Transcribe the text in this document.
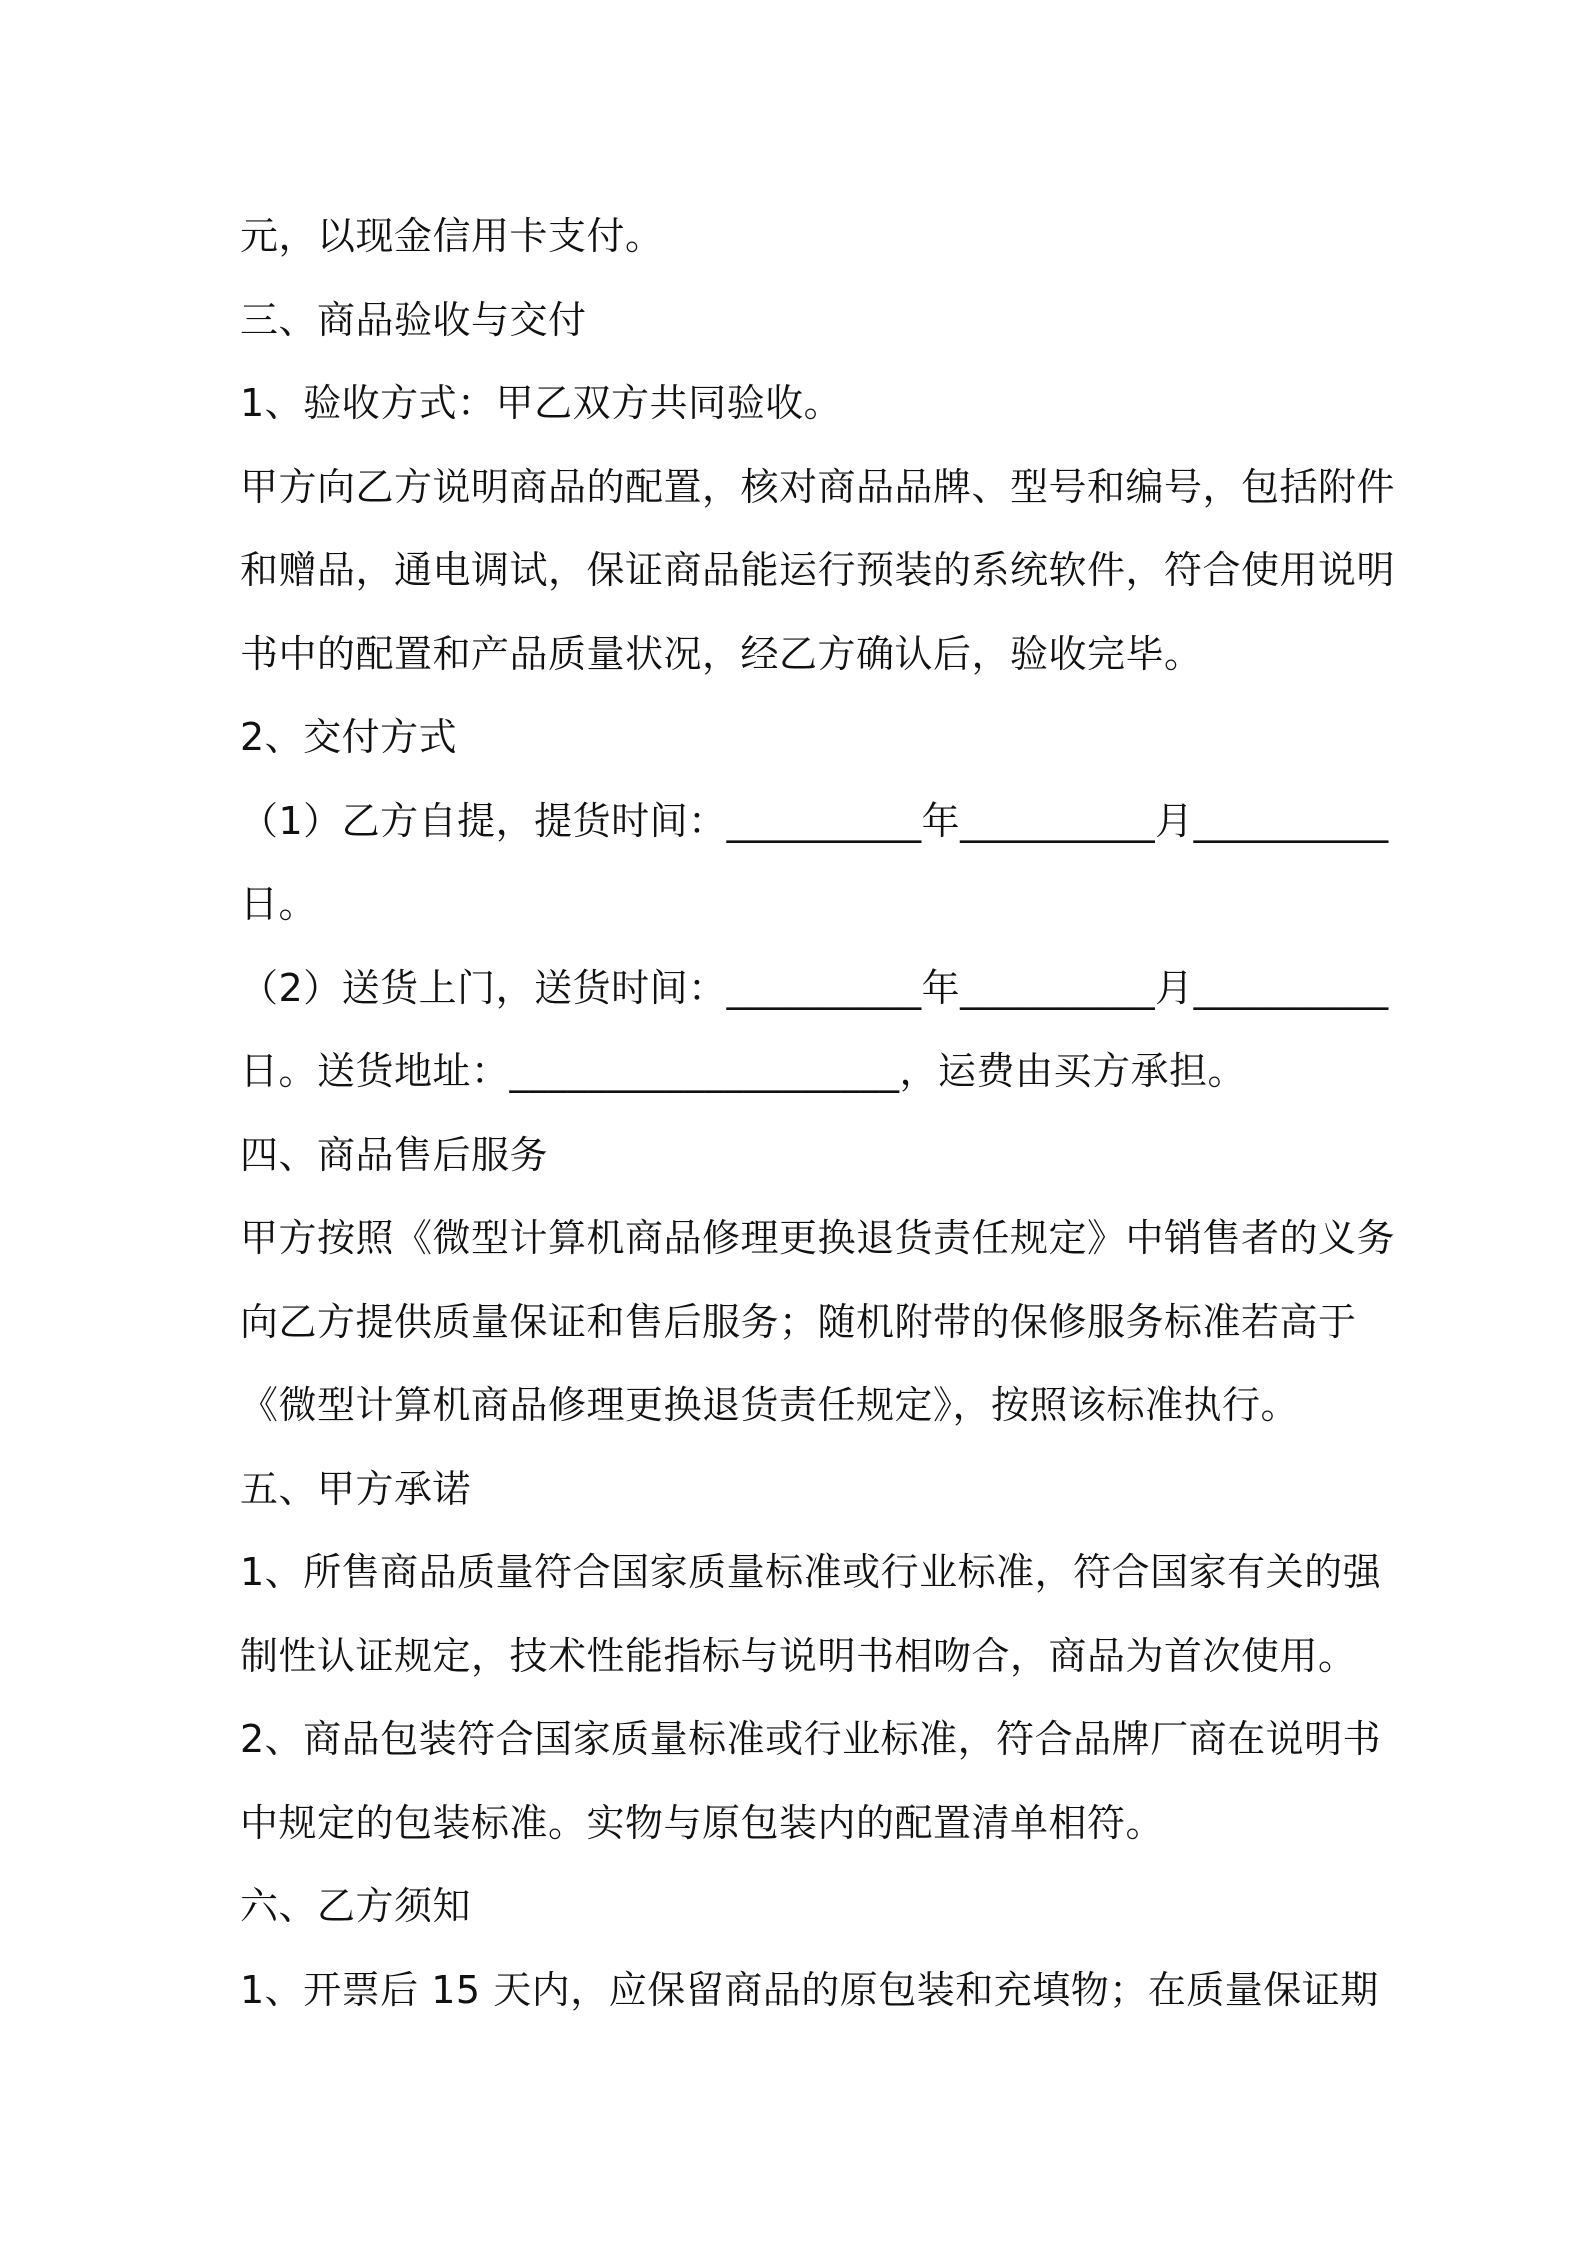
元，以现金信用卡支付。
三、商品验收与交付
1、验收方式：甲乙双方共同验收。
甲方向乙方说明商品的配置，核对商品品牌、型号和编号，包括附件
和赠品，通电调试，保证商品能运行预装的系统软件，符合使用说明
书中的配置和产品质量状况，经乙方确认后，验收完毕。
2、交付方式
（1）乙方自提，提货时间：__________年__________月__________
日。
（2）送货上门，送货时间：__________年__________月__________
日。送货地址：____________________，运费由买方承担。
四、商品售后服务
甲方按照《微型计算机商品修理更换退货责任规定》中销售者的义务
向乙方提供质量保证和售后服务；随机附带的保修服务标准若高于
《微型计算机商品修理更换退货责任规定》，按照该标准执行。
五、甲方承诺
1、所售商品质量符合国家质量标准或行业标准，符合国家有关的强
制性认证规定，技术性能指标与说明书相吻合，商品为首次使用。
2、商品包装符合国家质量标准或行业标准，符合品牌厂商在说明书
中规定的包装标准。实物与原包装内的配置清单相符。
六、乙方须知
1、开票后 15 天内，应保留商品的原包装和充填物；在质量保证期
